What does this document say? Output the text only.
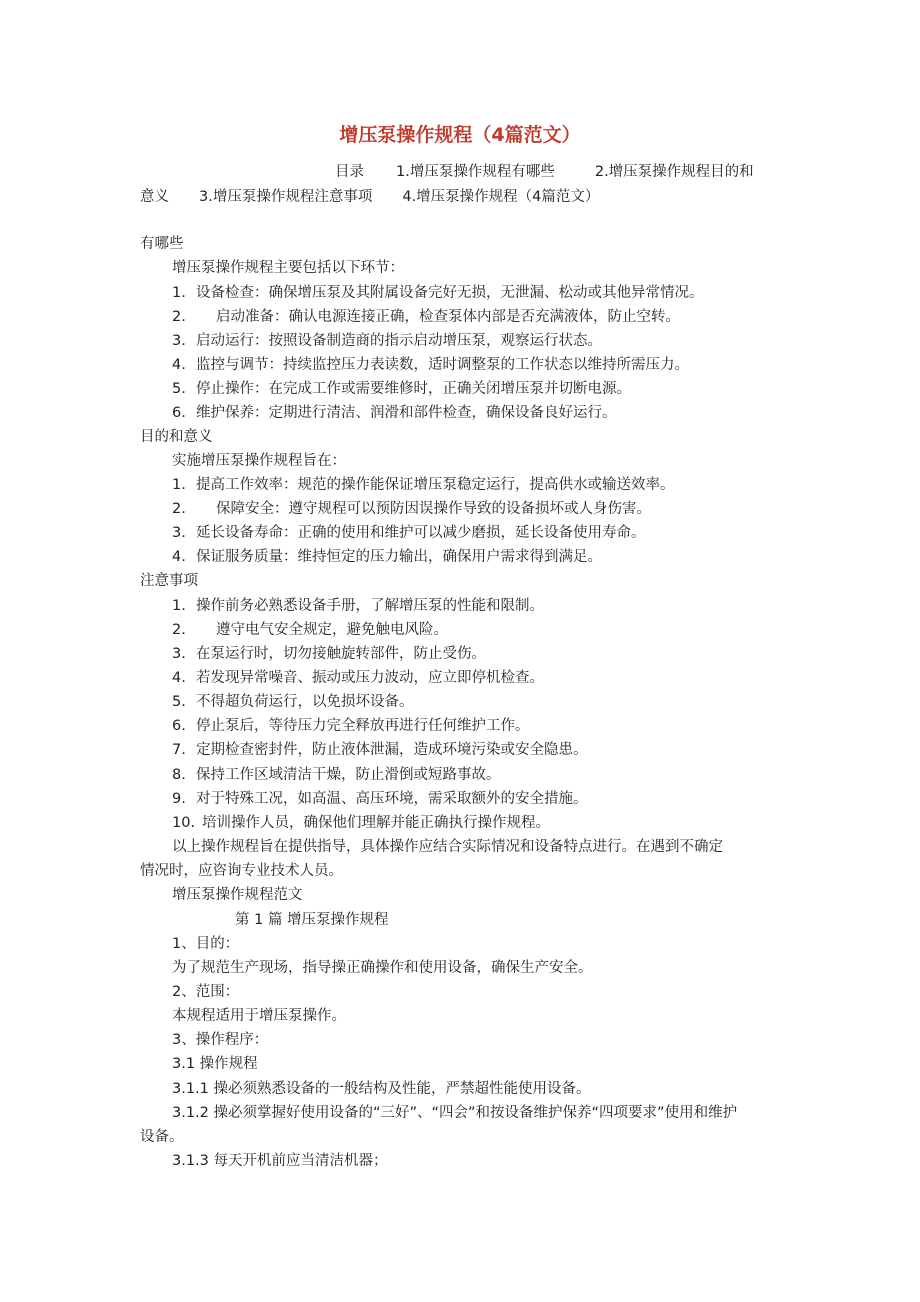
增压泵操作规程（4篇范文）
目录 1.增压泵操作规程有哪些	2.增压泵操作规程目的和
意义 3.增压泵操作规程注意事项 4.增压泵操作规程（4篇范文）
有哪些
增压泵操作规程主要包括以下环节：
1. 设备检查：确保增压泵及其附属设备完好无损，无泄漏、松动或其他异常情况。
2. 启动准备：确认电源连接正确，检查泵体内部是否充满液体，防止空转。
3. 启动运行：按照设备制造商的指示启动增压泵，观察运行状态。
4. 监控与调节：持续监控压力表读数，适时调整泵的工作状态以维持所需压力。
5. 停止操作：在完成工作或需要维修时，正确关闭增压泵并切断电源。
6. 维护保养：定期进行清洁、润滑和部件检查，确保设备良好运行。
目的和意义
实施增压泵操作规程旨在：
1. 提高工作效率：规范的操作能保证增压泵稳定运行，提高供水或输送效率。
2. 保障安全：遵守规程可以预防因误操作导致的设备损坏或人身伤害。
3. 延长设备寿命：正确的使用和维护可以减少磨损，延长设备使用寿命。
4. 保证服务质量：维持恒定的压力输出，确保用户需求得到满足。
注意事项
1. 操作前务必熟悉设备手册，了解增压泵的性能和限制。
2. 遵守电气安全规定，避免触电风险。
3. 在泵运行时，切勿接触旋转部件，防止受伤。
4. 若发现异常噪音、振动或压力波动，应立即停机检查。
5. 不得超负荷运行，以免损坏设备。
6. 停止泵后，等待压力完全释放再进行任何维护工作。
7. 定期检查密封件，防止液体泄漏，造成环境污染或安全隐患。
8. 保持工作区域清洁干燥，防止滑倒或短路事故。
9. 对于特殊工况，如高温、高压环境，需采取额外的安全措施。
10. 培训操作人员，确保他们理解并能正确执行操作规程。
以上操作规程旨在提供指导，具体操作应结合实际情况和设备特点进行。在遇到不确定
情况时，应咨询专业技术人员。
增压泵操作规程范文
第 1 篇 增压泵操作规程
1、目的：
为了规范生产现场，指导操正确操作和使用设备，确保生产安全。
2、范围：
本规程适用于增压泵操作。
3、操作程序：
3.1 操作规程
3.1.1 操必须熟悉设备的一般结构及性能，严禁超性能使用设备。
3.1.2 操必须掌握好使用设备的“三好”、“四会”和按设备维护保养“四项要求”使用和维护
设备。
3.1.3 每天开机前应当清洁机器；
